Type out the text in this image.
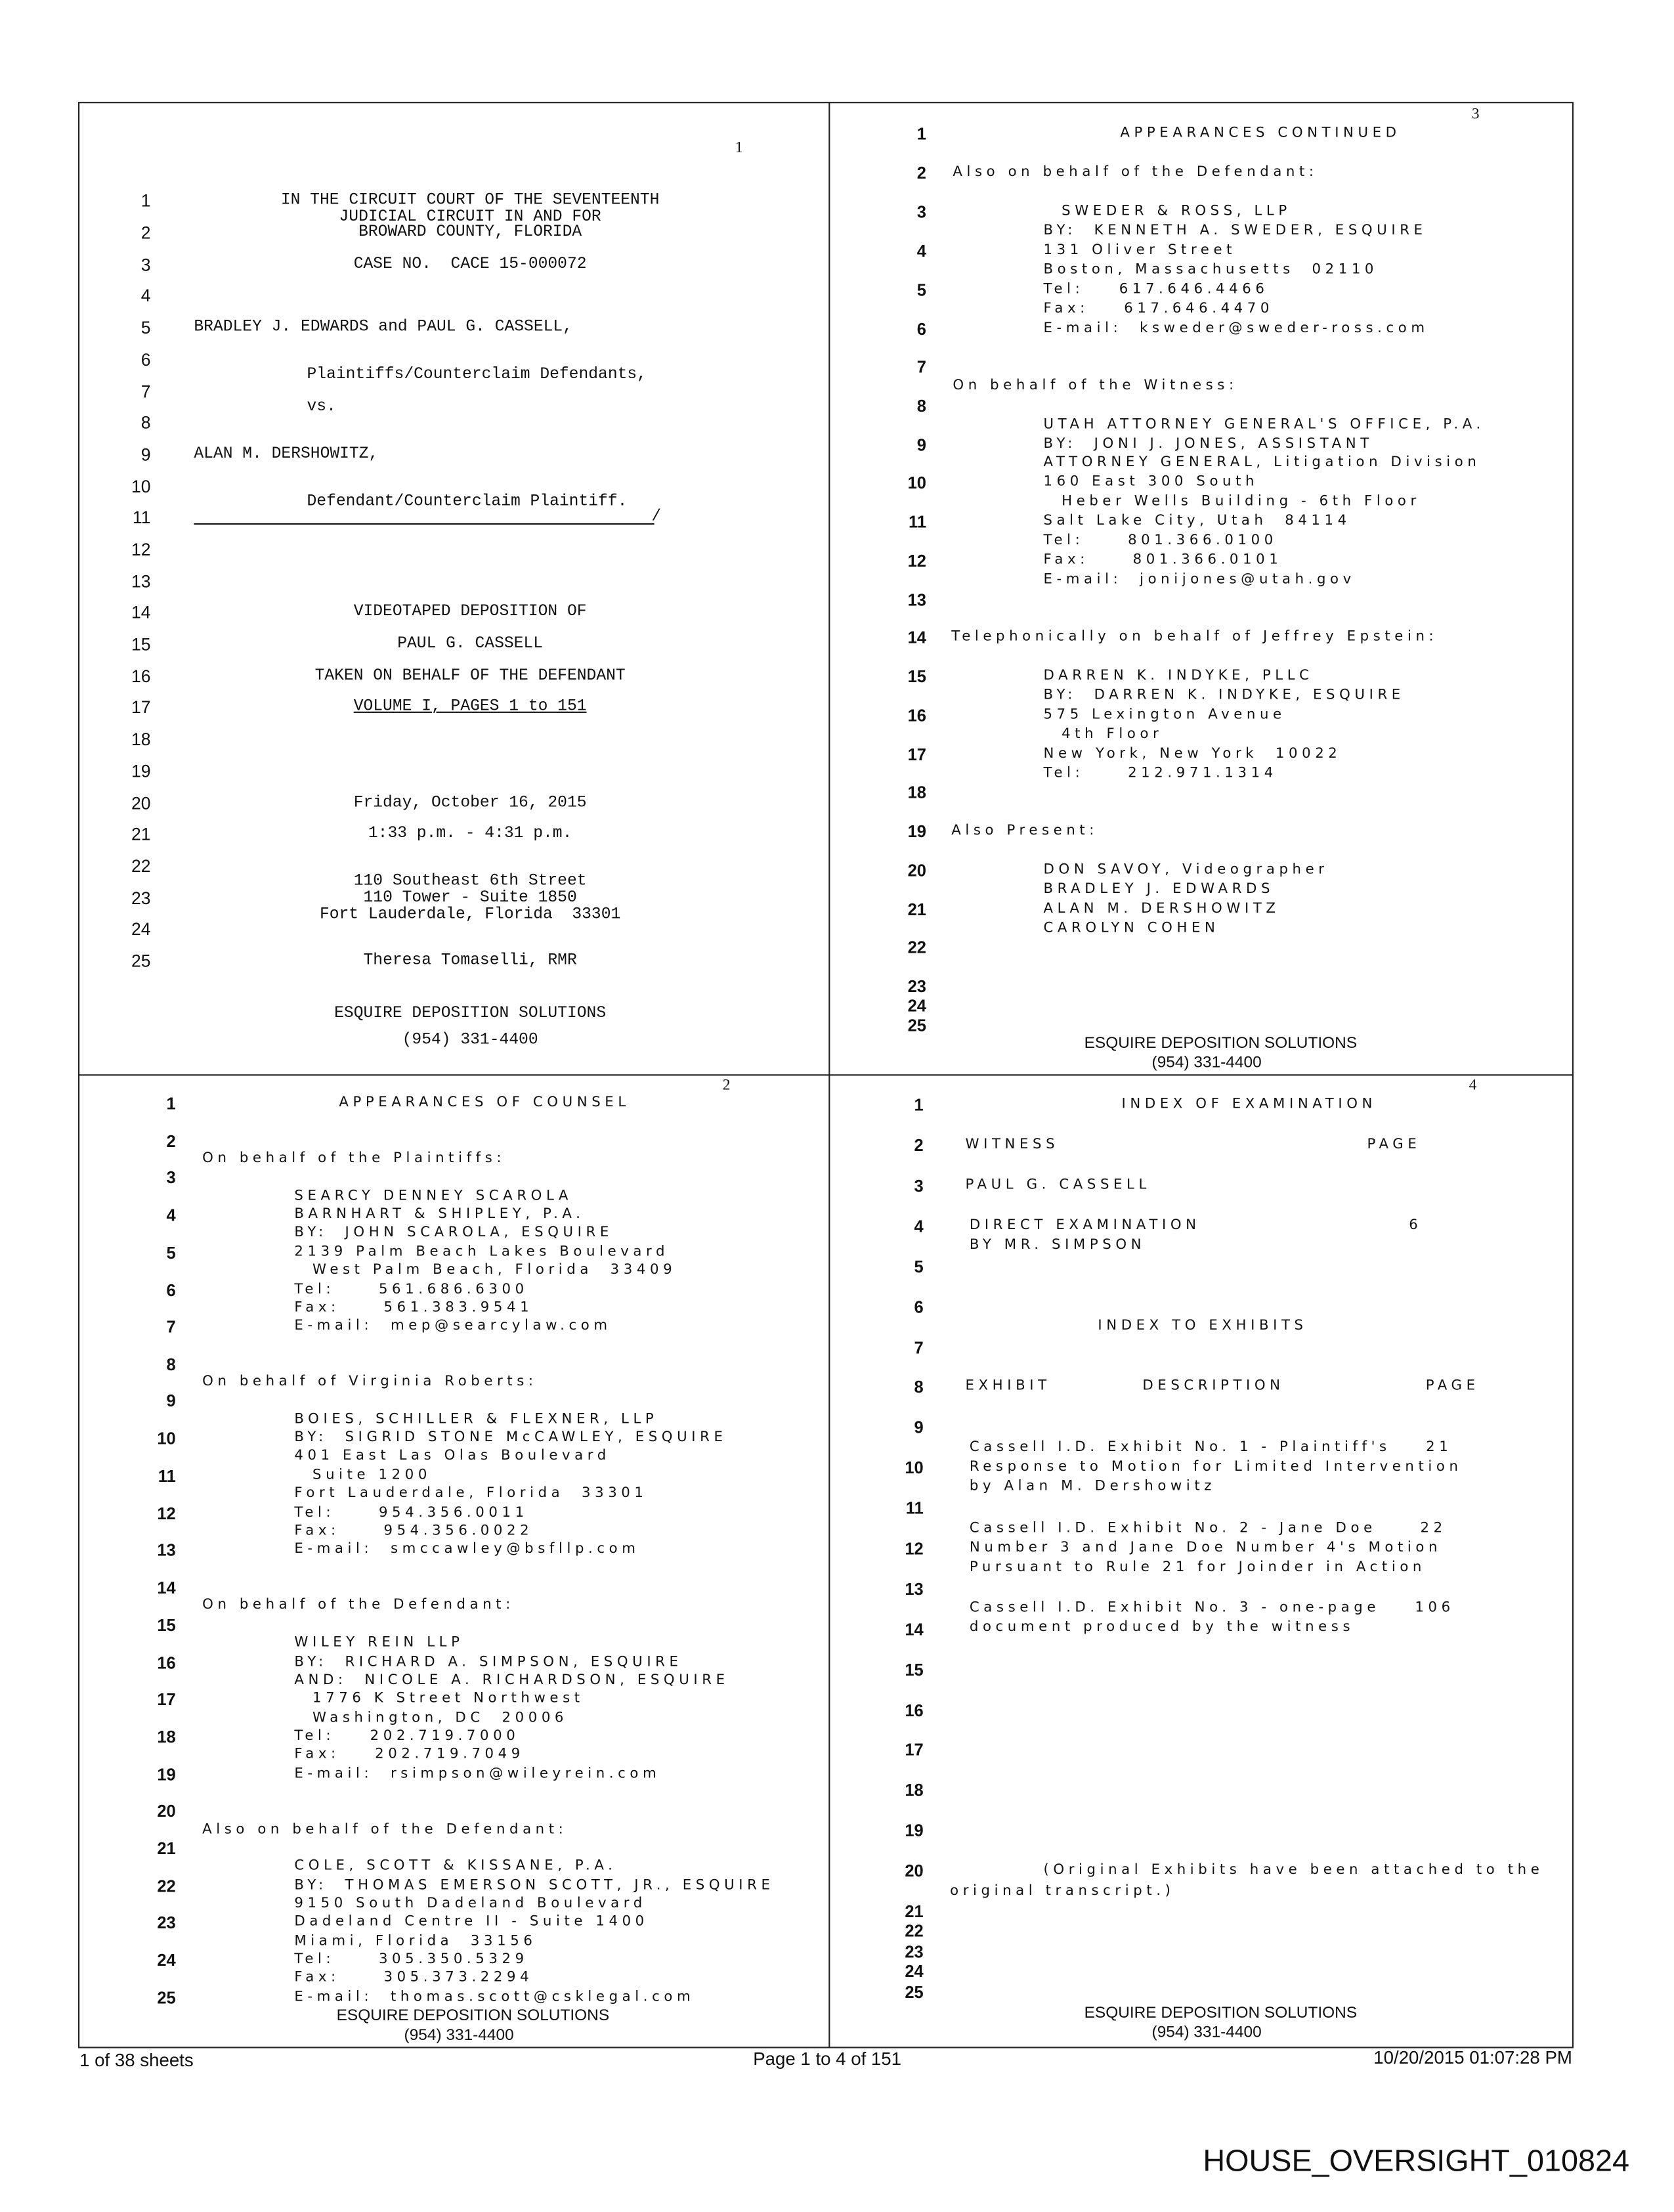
1
1
2
3
4
5
6
7
8
9
10
11
12
13
14
15
16
17
18
19
20
21
22
23
24
25
IN THE CIRCUIT COURT OF THE SEVENTEENTH
JUDICIAL CIRCUIT IN AND FOR
BROWARD COUNTY, FLORIDA
CASE NO.  CACE 15-000072
BRADLEY J. EDWARDS and PAUL G. CASSELL,
Plaintiffs/Counterclaim Defendants,
vs.
ALAN M. DERSHOWITZ,
Defendant/Counterclaim Plaintiff.
/
VIDEOTAPED DEPOSITION OF
PAUL G. CASSELL
TAKEN ON BEHALF OF THE DEFENDANT
VOLUME I, PAGES 1 to 151
Friday, October 16, 2015
1:33 p.m. - 4:31 p.m.
110 Southeast 6th Street
110 Tower - Suite 1850
Fort Lauderdale, Florida  33301
Theresa Tomaselli, RMR
ESQUIRE DEPOSITION SOLUTIONS
(954) 331-4400
3
1
2
3
4
5
6
7
8
9
10
11
12
13
14
15
16
17
18
19
20
21
22
23
24
25
APPEARANCES CONTINUED
Also on behalf of the Defendant:
SWEDER & ROSS, LLP
BY:  KENNETH A. SWEDER, ESQUIRE
131 Oliver Street
Boston, Massachusetts  02110
Tel:    617.646.4466
Fax:    617.646.4470
E-mail:  ksweder@sweder-ross.com
On behalf of the Witness:
UTAH ATTORNEY GENERAL'S OFFICE, P.A.
BY:  JONI J. JONES, ASSISTANT
ATTORNEY GENERAL, Litigation Division
160 East 300 South
Heber Wells Building - 6th Floor
Salt Lake City, Utah  84114
Tel:     801.366.0100
Fax:     801.366.0101
E-mail:  jonijones@utah.gov
Telephonically on behalf of Jeffrey Epstein:
DARREN K. INDYKE, PLLC
BY:  DARREN K. INDYKE, ESQUIRE
575 Lexington Avenue
4th Floor
New York, New York  10022
Tel:     212.971.1314
Also Present:
DON SAVOY, Videographer
BRADLEY J. EDWARDS
ALAN M. DERSHOWITZ
CAROLYN COHEN
ESQUIRE DEPOSITION SOLUTIONS
(954) 331-4400
2
1
2
3
4
5
6
7
8
9
10
11
12
13
14
15
16
17
18
19
20
21
22
23
24
25
APPEARANCES OF COUNSEL
On behalf of the Plaintiffs:
SEARCY DENNEY SCAROLA
BARNHART & SHIPLEY, P.A.
BY:  JOHN SCAROLA, ESQUIRE
2139 Palm Beach Lakes Boulevard
West Palm Beach, Florida  33409
Tel:     561.686.6300
Fax:     561.383.9541
E-mail:  mep@searcylaw.com
On behalf of Virginia Roberts:
BOIES, SCHILLER & FLEXNER, LLP
BY:  SIGRID STONE McCAWLEY, ESQUIRE
401 East Las Olas Boulevard
Suite 1200
Fort Lauderdale, Florida  33301
Tel:     954.356.0011
Fax:     954.356.0022
E-mail:  smccawley@bsfllp.com
On behalf of the Defendant:
WILEY REIN LLP
BY:  RICHARD A. SIMPSON, ESQUIRE
AND:  NICOLE A. RICHARDSON, ESQUIRE
1776 K Street Northwest
Washington, DC  20006
Tel:    202.719.7000
Fax:    202.719.7049
E-mail:  rsimpson@wileyrein.com
Also on behalf of the Defendant:
COLE, SCOTT & KISSANE, P.A.
BY:  THOMAS EMERSON SCOTT, JR., ESQUIRE
9150 South Dadeland Boulevard
Dadeland Centre II - Suite 1400
Miami, Florida  33156
Tel:     305.350.5329
Fax:     305.373.2294
E-mail:  thomas.scott@csklegal.com
ESQUIRE DEPOSITION SOLUTIONS
(954) 331-4400
4
1
2
3
4
5
6
7
8
9
10
11
12
13
14
15
16
17
18
19
20
21
22
23
24
25
INDEX OF EXAMINATION
WITNESS	PAGE
PAUL G. CASSELL
DIRECT EXAMINATION	6
BY MR. SIMPSON
INDEX TO EXHIBITS
EXHIBIT	DESCRIPTION	PAGE
Cassell I.D. Exhibit No. 1 - Plaintiff's    21
Response to Motion for Limited Intervention
by Alan M. Dershowitz
Cassell I.D. Exhibit No. 2 - Jane Doe     22
Number 3 and Jane Doe Number 4's Motion
Pursuant to Rule 21 for Joinder in Action
Cassell I.D. Exhibit No. 3 - one-page    106
document produced by the witness
(Original Exhibits have been attached to the
original transcript.)
ESQUIRE DEPOSITION SOLUTIONS
(954) 331-4400
1 of 38 sheets	Page 1 to 4 of 151	10/20/2015 01:07:28 PM
HOUSE_OVERSIGHT_010824
